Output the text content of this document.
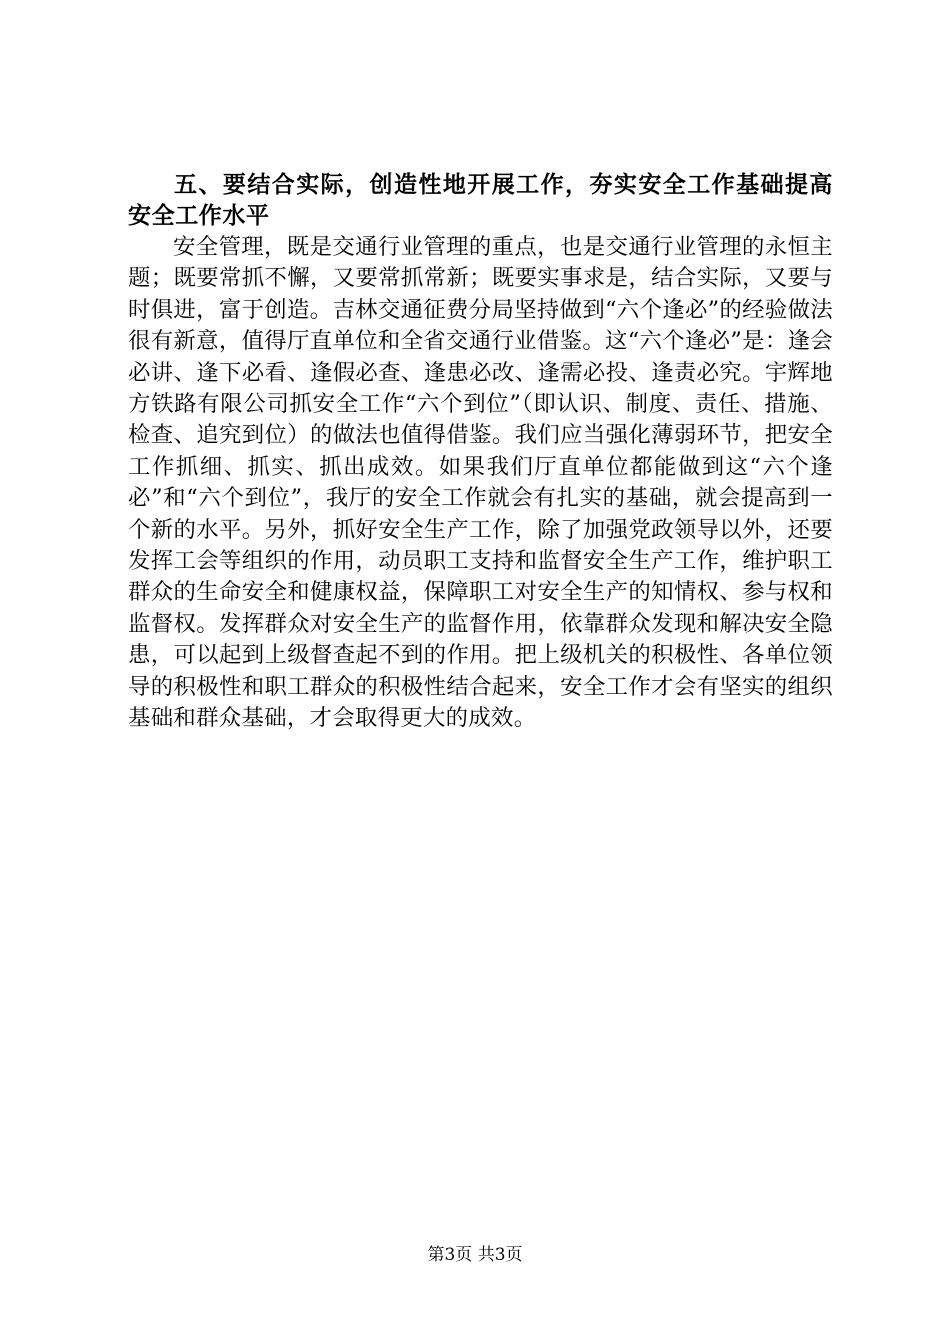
五、要结合实际，创造性地开展工作，夯实安全工作基础提高安全工作水平

安全管理，既是交通行业管理的重点，也是交通行业管理的永恒主题；既要常抓不懈，又要常抓常新；既要实事求是，结合实际，又要与时俱进，富于创造。吉林交通征费分局坚持做到“六个逢必”的经验做法很有新意，值得厅直单位和全省交通行业借鉴。这“六个逢必”是：逢会必讲、逢下必看、逢假必查、逢患必改、逢需必投、逢责必究。宇辉地方铁路有限公司抓安全工作“六个到位”（即认识、制度、责任、措施、检查、追究到位）的做法也值得借鉴。我们应当强化薄弱环节，把安全工作抓细、抓实、抓出成效。如果我们厅直单位都能做到这“六个逢必”和“六个到位”，我厅的安全工作就会有扎实的基础，就会提高到一个新的水平。另外，抓好安全生产工作，除了加强党政领导以外，还要发挥工会等组织的作用，动员职工支持和监督安全生产工作，维护职工群众的生命安全和健康权益，保障职工对安全生产的知情权、参与权和监督权。发挥群众对安全生产的监督作用，依靠群众发现和解决安全隐患，可以起到上级督查起不到的作用。把上级机关的积极性、各单位领导的积极性和职工群众的积极性结合起来，安全工作才会有坚实的组织基础和群众基础，才会取得更大的成效。

第3页 共3页
